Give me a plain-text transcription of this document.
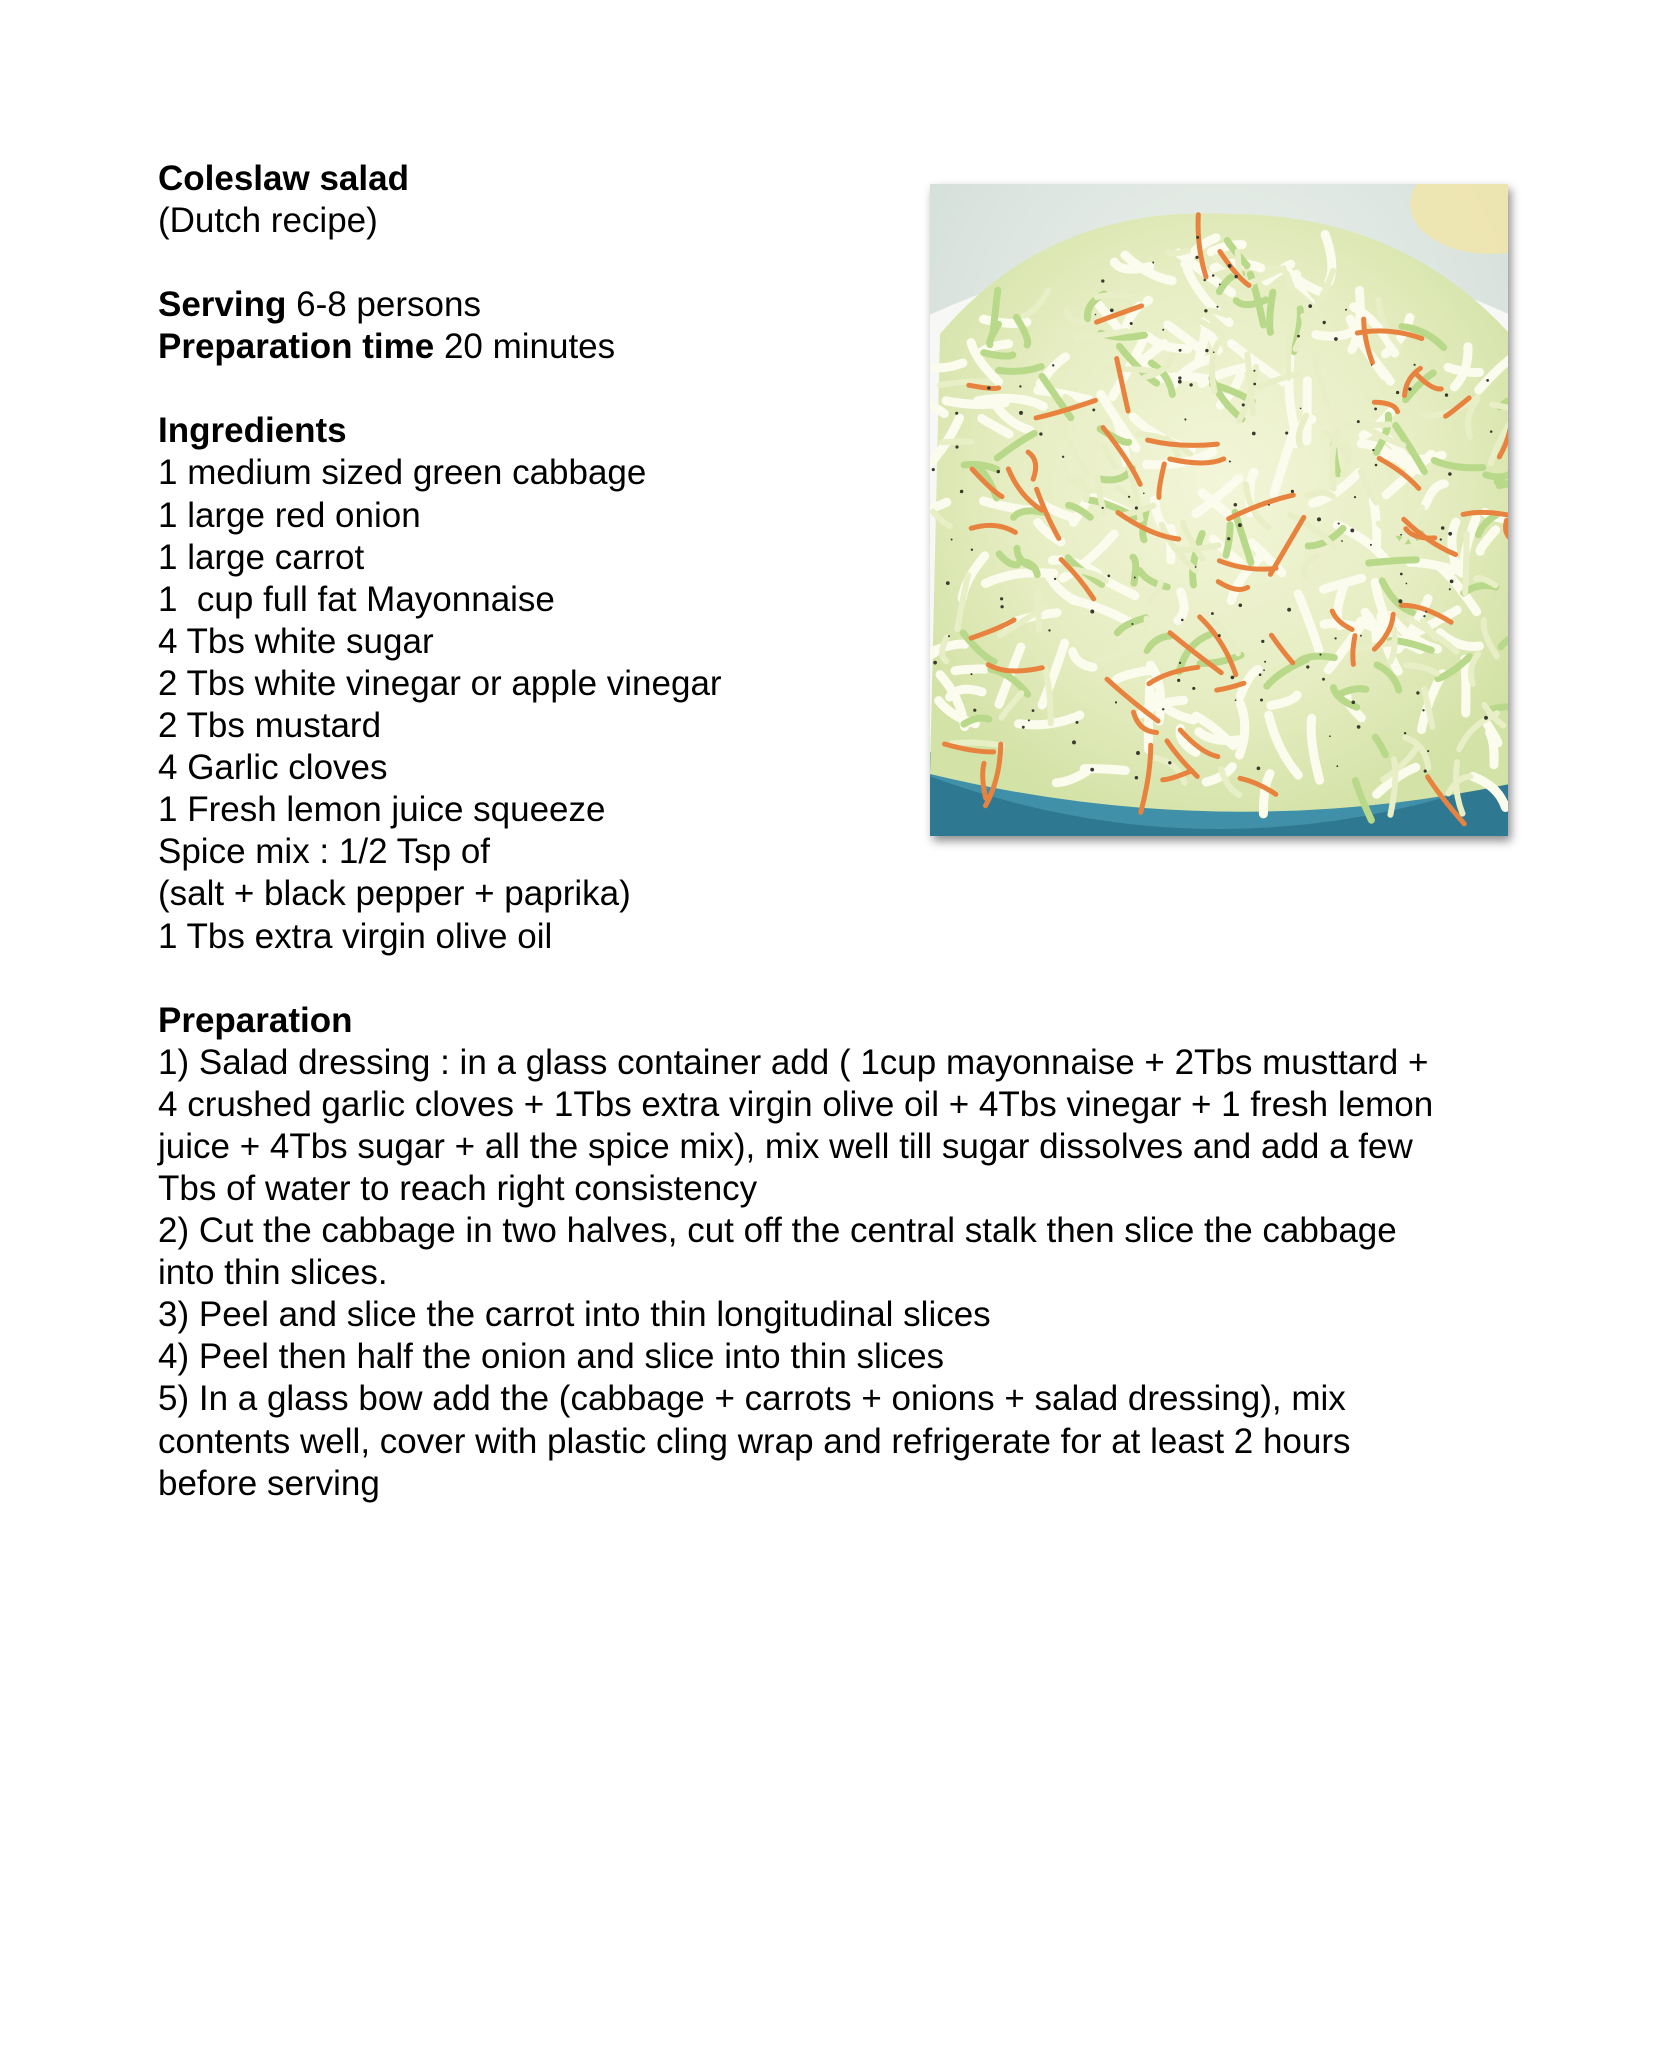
Coleslaw salad
(Dutch recipe)
Serving 6-8 persons
Preparation time 20 minutes
Ingredients
1 medium sized green cabbage
1 large red onion
1 large carrot
1  cup full fat Mayonnaise
4 Tbs white sugar
2 Tbs white vinegar or apple vinegar
2 Tbs mustard
4 Garlic cloves
1 Fresh lemon juice squeeze
Spice mix : 1/2 Tsp of
(salt + black pepper + paprika)
1 Tbs extra virgin olive oil
Preparation
1) Salad dressing : in a glass container add ( 1cup mayonnaise + 2Tbs musttard +
4 crushed garlic cloves + 1Tbs extra virgin olive oil + 4Tbs vinegar + 1 fresh lemon
juice + 4Tbs sugar + all the spice mix), mix well till sugar dissolves and add a few
Tbs of water to reach right consistency
2) Cut the cabbage in two halves, cut off the central stalk then slice the cabbage
into thin slices.
3) Peel and slice the carrot into thin longitudinal slices
4) Peel then half the onion and slice into thin slices
5) In a glass bow add the (cabbage + carrots + onions + salad dressing), mix
contents well, cover with plastic cling wrap and refrigerate for at least 2 hours
before serving
